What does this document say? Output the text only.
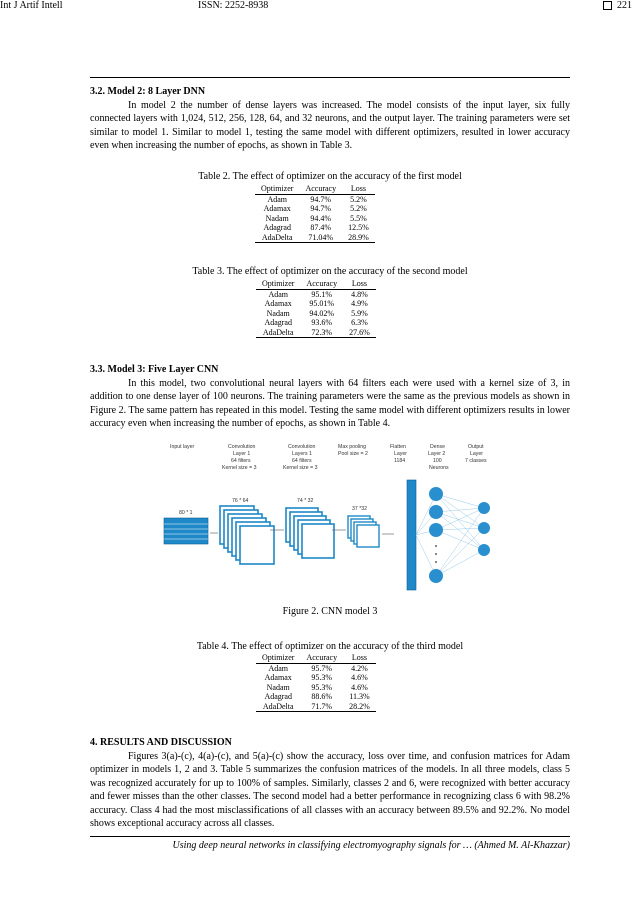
Int J Artif Intell	ISSN: 2252-8938	221
3.2. Model 2: 8 Layer DNN

In model 2 the number of dense layers was increased. The model consists of the input layer, six fully connected layers with 1,024, 512, 256, 128, 64, and 32 neurons, and the output layer. The training parameters were set similar to model 1. Similar to model 1, testing the same model with different optimizers, resulted in lower accuracy even when increasing the number of epochs, as shown in Table 3.

Table 2. The effect of optimizer on the accuracy of the first model
Optimizer	Accuracy	Loss
Adam	94.7%	5.2%
Adamax	94.7%	5.2%
Nadam	94.4%	5.5%
Adagrad	87.4%	12.5%
AdaDelta	71.04%	28.9%
Table 3. The effect of optimizer on the accuracy of the second model
Optimizer	Accuracy	Loss
Adam	95.1%	4.8%
Adamax	95.01%	4.9%
Nadam	94.02%	5.9%
Adagrad	93.6%	6.3%
AdaDelta	72.3%	27.6%
3.3. Model 3: Five Layer CNN

In this model, two convolutional neural layers with 64 filters each were used with a kernel size of 3, in addition to one dense layer of 100 neurons. The training parameters were the same as the previous models as shown in Figure 2. The same pattern has repeated in this model. Testing the same model with different optimizers results in lower accuracy even when increasing the number of epochs, as shown in Table 4.

Input layer	Convolution
Layer 1
64 filters
Kernel size = 3
Convolution
Layers 1
64 filters
Kernel size = 3
Max pooling
Pool size = 2
Flatten
Layer
1184
Dense
Layer 2
100
Neurons
Output
Layer
7 classes
80 * 1
76 * 64	74 * 32
37 *32
Figure 2. CNN model 3
Table 4. The effect of optimizer on the accuracy of the third model
Optimizer	Accuracy	Loss
Adam	95.7%	4.2%
Adamax	95.3%	4.6%
Nadam	95.3%	4.6%
Adagrad	88.6%	11.3%
AdaDelta	71.7%	28.2%
4. RESULTS AND DISCUSSION

Figures 3(a)-(c), 4(a)-(c), and 5(a)-(c) show the accuracy, loss over time, and confusion matrices for Adam optimizer in models 1, 2 and 3. Table 5 summarizes the confusion matrices of the models. In all three models, class 5 was recognized accurately for up to 100% of samples. Similarly, classes 2 and 6, were recognized with better accuracy and fewer misses than the other classes. The second model had a better performance in recognizing class 6 with 98.2% accuracy. Class 4 had the most misclassifications of all classes with an accuracy between 89.5% and 92.2%. No model shows exceptional accuracy across all classes.

Using deep neural networks in classifying electromyography signals for … (Ahmed M. Al-Khazzar)
